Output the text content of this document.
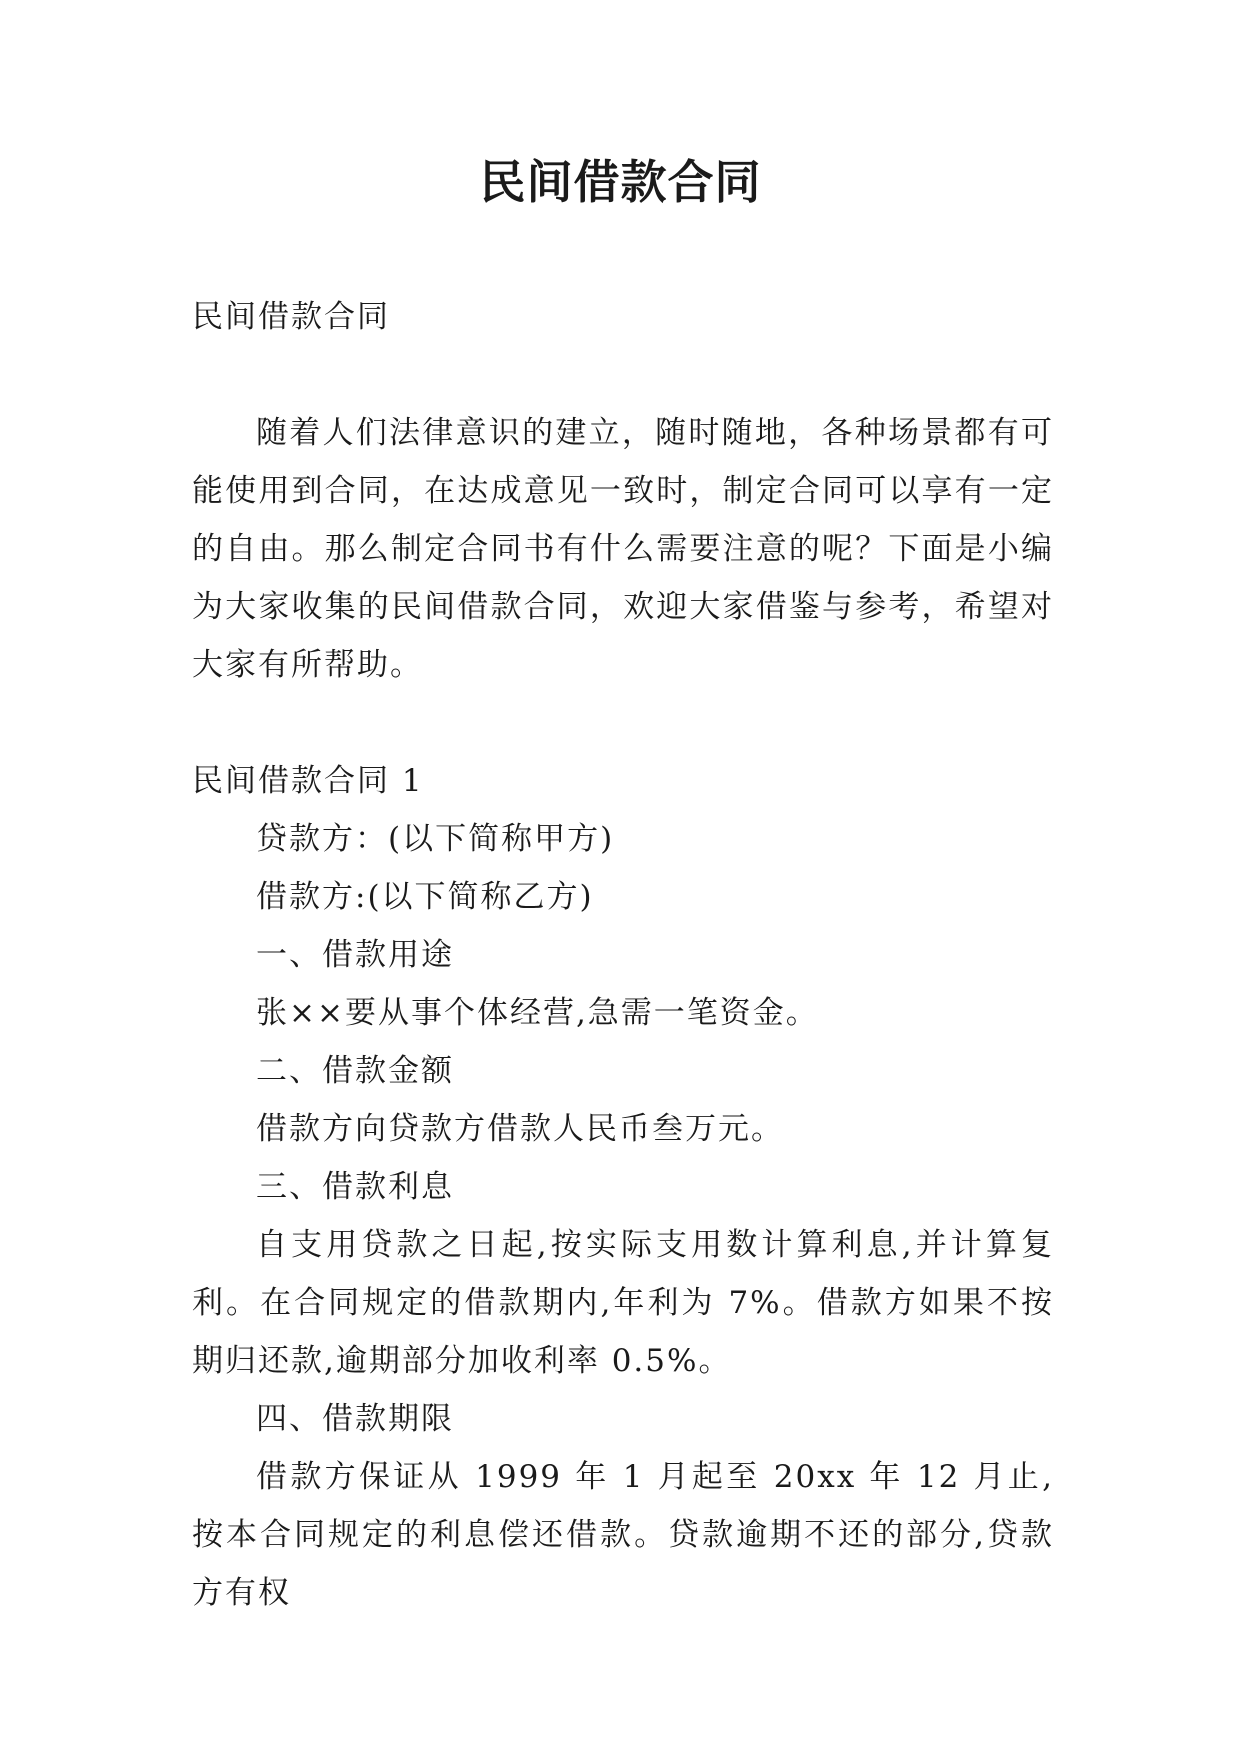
民间借款合同

民间借款合同

随着人们法律意识的建立，随时随地，各种场景都有可能使用到合同，在达成意见一致时，制定合同可以享有一定的自由。那么制定合同书有什么需要注意的呢？下面是小编为大家收集的民间借款合同，欢迎大家借鉴与参考，希望对大家有所帮助。

民间借款合同 1

贷款方：(以下简称甲方)

借款方:(以下简称乙方)

一、借款用途

张××要从事个体经营,急需一笔资金。

二、借款金额

借款方向贷款方借款人民币叁万元。

三、借款利息

自支用贷款之日起,按实际支用数计算利息,并计算复利。在合同规定的借款期内,年利为 7%。借款方如果不按期归还款,逾期部分加收利率 0.5%。

四、借款期限

借款方保证从 1999 年 1 月起至 20xx 年 12 月止,按本合同规定的利息偿还借款。贷款逾期不还的部分,贷款方有权
